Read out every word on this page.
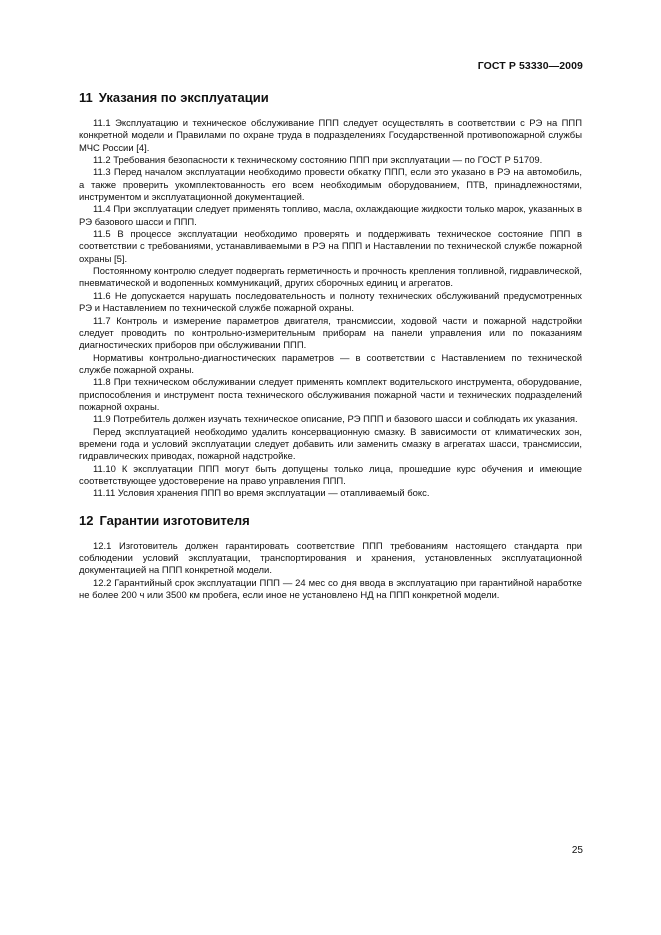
ГОСТ Р 53330—2009
11 Указания по эксплуатации

11.1 Эксплуатацию и техническое обслуживание ППП следует осуществлять в соответствии с РЭ на ППП конкретной модели и Правилами по охране труда в подразделениях Государственной противопожарной службы МЧС России [4].

11.2 Требования безопасности к техническому состоянию ППП при эксплуатации — по ГОСТ Р 51709.

11.3 Перед началом эксплуатации необходимо провести обкатку ППП, если это указано в РЭ на автомобиль, а также проверить укомплектованность его всем необходимым оборудованием, ПТВ, принадлежностями, инструментом и эксплуатационной документацией.

11.4 При эксплуатации следует применять топливо, масла, охлаждающие жидкости только марок, указанных в РЭ базового шасси и ППП.

11.5 В процессе эксплуатации необходимо проверять и поддерживать техническое состояние ППП в соответствии с требованиями, устанавливаемыми в РЭ на ППП и Наставлении по технической службе пожарной охраны [5].

Постоянному контролю следует подвергать герметичность и прочность крепления топливной, гидравлической, пневматической и водопенных коммуникаций, других сборочных единиц и агрегатов.

11.6 Не допускается нарушать последовательность и полноту технических обслуживаний предусмотренных РЭ и Наставлением по технической службе пожарной охраны.

11.7 Контроль и измерение параметров двигателя, трансмиссии, ходовой части и пожарной надстройки следует проводить по контрольно-измерительным приборам на панели управления или по показаниям диагностических приборов при обслуживании ППП.

Нормативы контрольно-диагностических параметров — в соответствии с Наставлением по технической службе пожарной охраны.

11.8 При техническом обслуживании следует применять комплект водительского инструмента, оборудование, приспособления и инструмент поста технического обслуживания пожарной части и технических подразделений пожарной охраны.

11.9 Потребитель должен изучать техническое описание, РЭ ППП и базового шасси и соблюдать их указания.

Перед эксплуатацией необходимо удалить консервационную смазку. В зависимости от климатических зон, времени года и условий эксплуатации следует добавить или заменить смазку в агрегатах шасси, трансмиссии, гидравлических приводах, пожарной надстройке.

11.10 К эксплуатации ППП могут быть допущены только лица, прошедшие курс обучения и имеющие соответствующее удостоверение на право управления ППП.

11.11 Условия хранения ППП во время эксплуатации — отапливаемый бокс.

12 Гарантии изготовителя

12.1 Изготовитель должен гарантировать соответствие ППП требованиям настоящего стандарта при соблюдении условий эксплуатации, транспортирования и хранения, установленных эксплуатационной документацией на ППП конкретной модели.

12.2 Гарантийный срок эксплуатации ППП — 24 мес со дня ввода в эксплуатацию при гарантийной наработке не более 200 ч или 3500 км пробега, если иное не установлено НД на ППП конкретной модели.

25
